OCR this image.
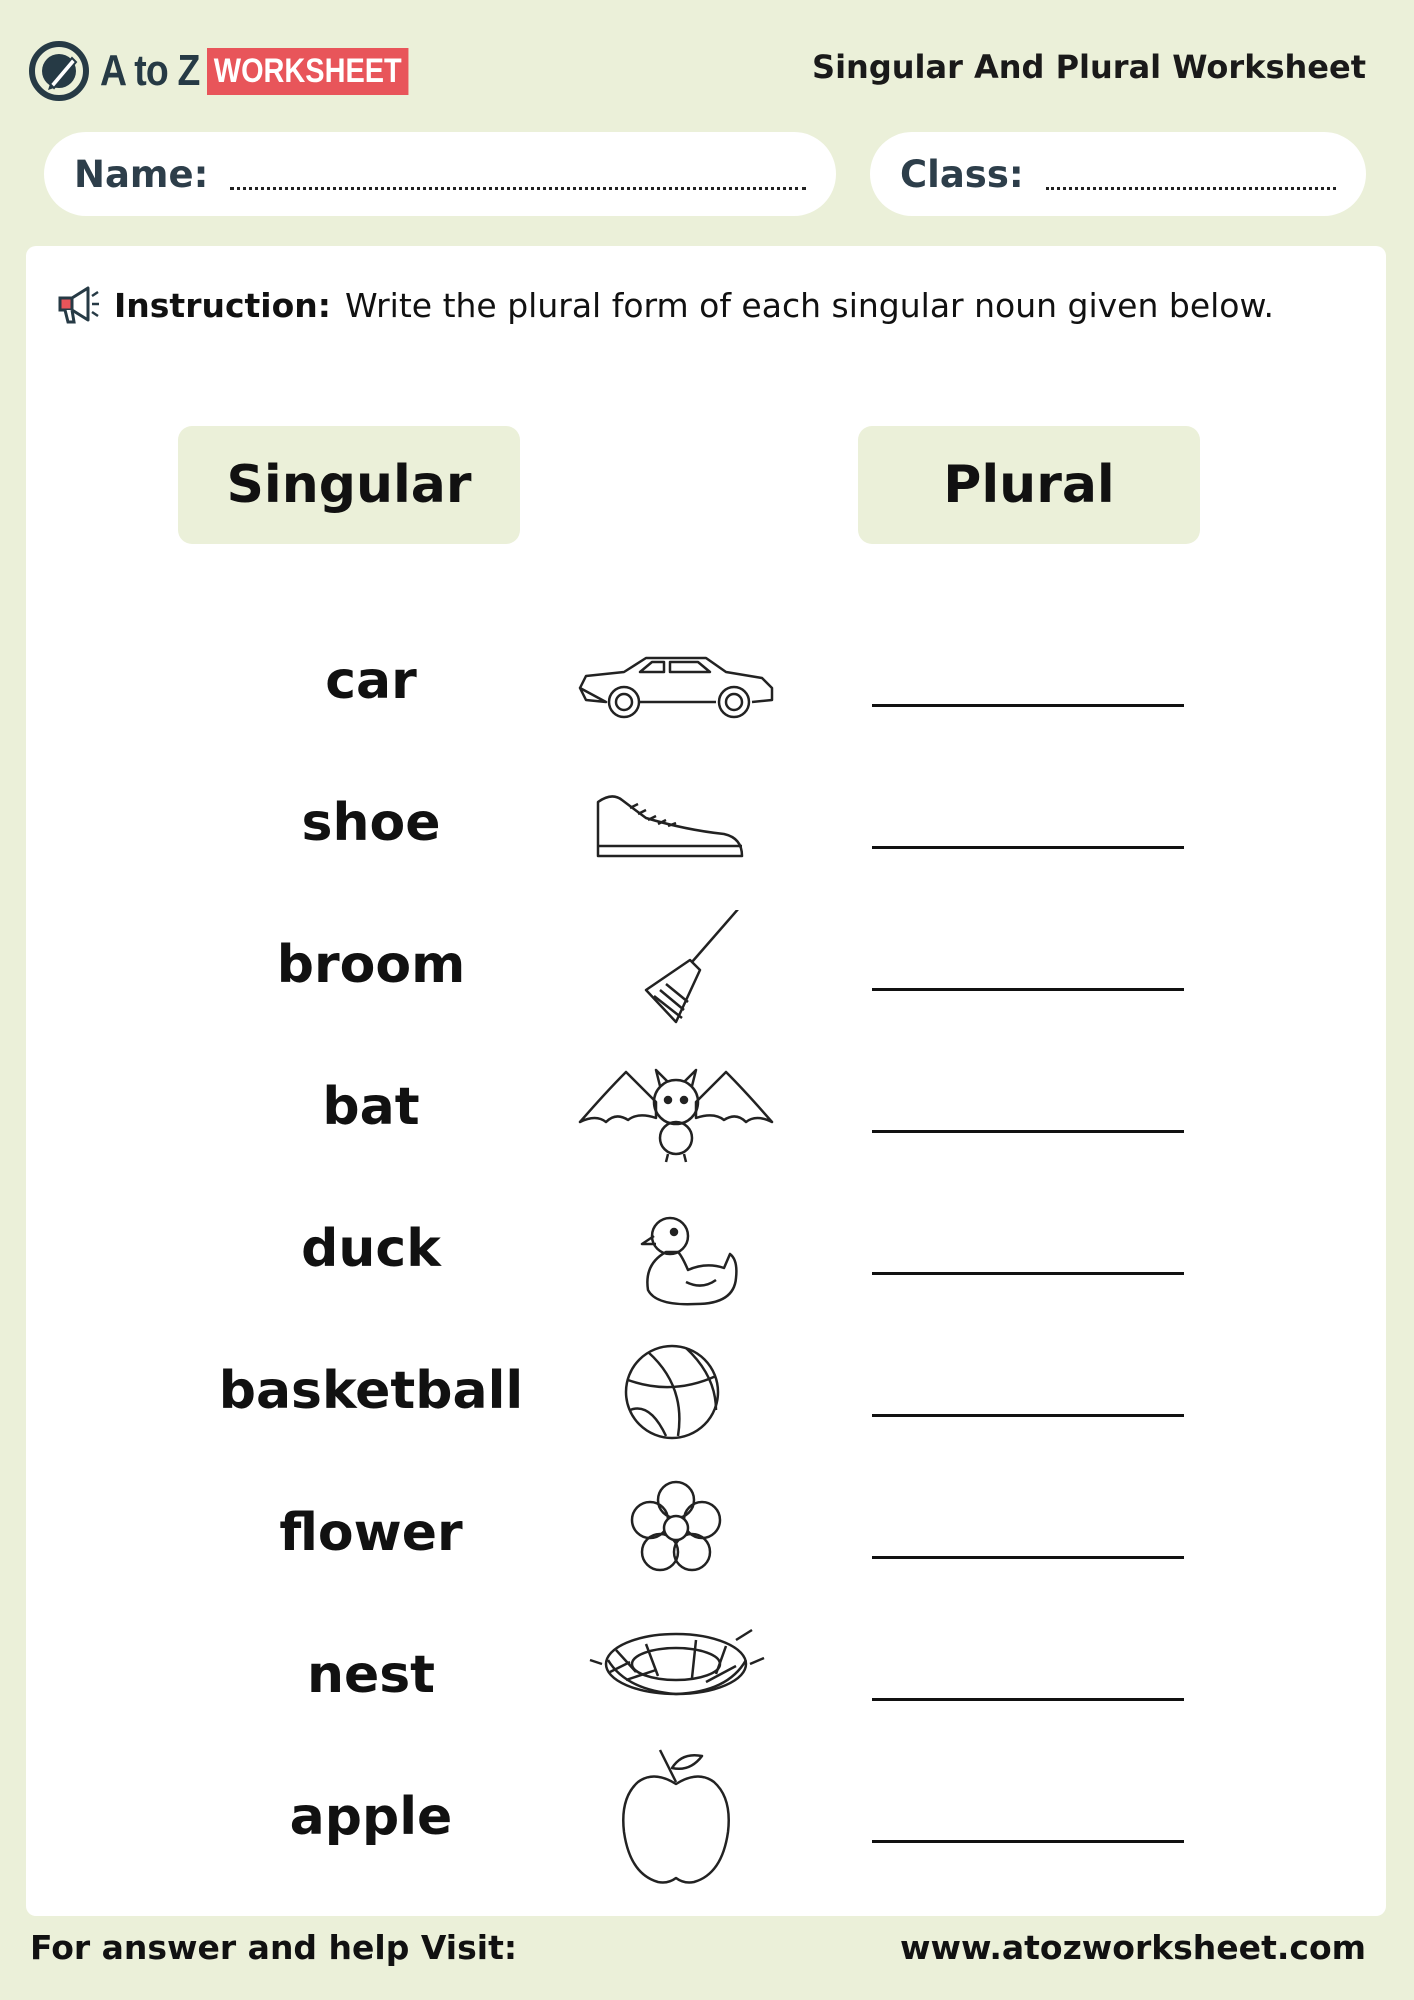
A to Z WORKSHEET	Singular And Plural Worksheet
Name:	Class:
Instruction: Write the plural form of each singular noun given below.
Singular	Plural
car
shoe
broom
bat
duck
basketball
flower
nest
apple
For answer and help Visit:	www.atozworksheet.com
